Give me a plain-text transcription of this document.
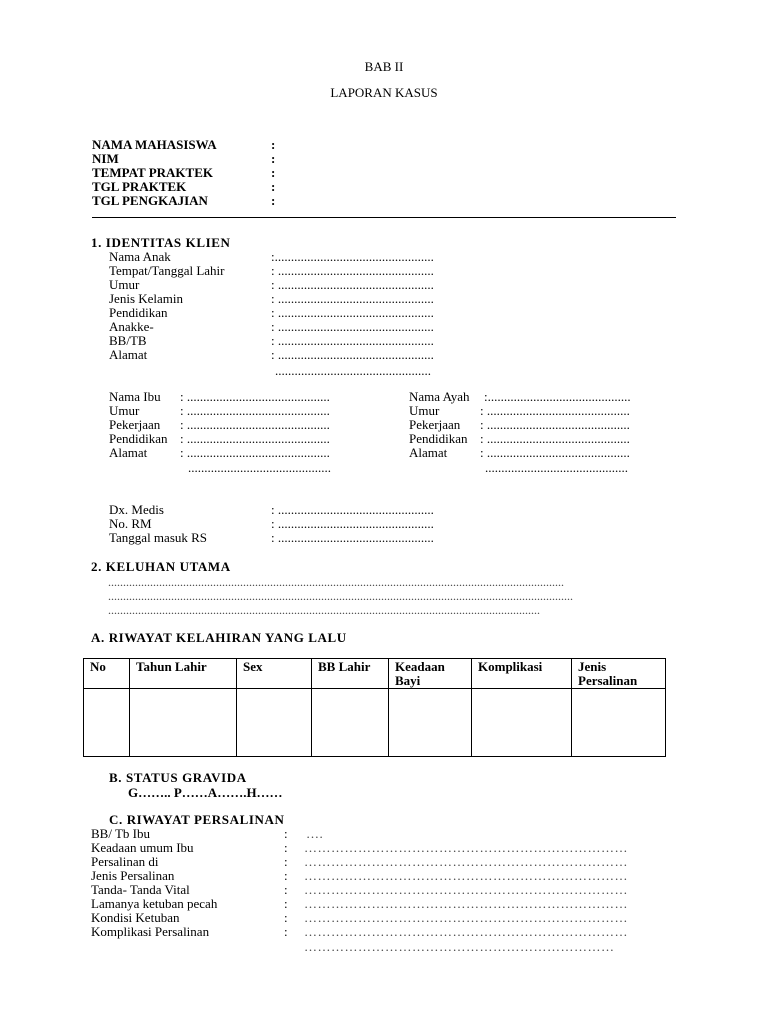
BAB II
LAPORAN KASUS
NAMA MAHASISWA	:
NIM	:
TEMPAT PRAKTEK	:
TGL PRAKTEK	:
TGL PENGKAJIAN	:
1. IDENTITAS KLIEN
Nama Anak	:.................................................
Tempat/Tanggal Lahir	: ................................................
Umur	: ................................................
Jenis Kelamin	: ................................................
Pendidikan	: ................................................
Anakke-	: ................................................
BB/TB	: ................................................
Alamat	: ................................................
................................................
Nama Ibu : ............................................
Umur	: ............................................
Pekerjaan : ............................................
Pendidikan : ............................................
Alamat	: ............................................
............................................
Nama Ayah :............................................
Umur	: ............................................
Pekerjaan : ............................................
Pendidikan : ............................................
Alamat	: ............................................
............................................
Dx. Medis	: ................................................
No. RM	: ................................................
Tanggal masuk RS	: ................................................
2. KELUHAN UTAMA
........................................................................................................................................................
...........................................................................................................................................................
................................................................................................................................................
A. RIWAYAT KELAHIRAN YANG LALU
No	Tahun Lahir	Sex	BB Lahir	Keadaan Bayi	Komplikasi	Jenis Persalinan

B. STATUS GRAVIDA
G…….. P……A…….H……
C. RIWAYAT PERSALINAN
BB/ Tb Ibu	: ….
Keadaan umum Ibu	: ………………………………………………………………
Persalinan di	: ………………………………………………………………
Jenis Persalinan	: ………………………………………………………………
Tanda- Tanda Vital	: ………………………………………………………………
Lamanya ketuban pecah	: ………………………………………………………………
Kondisi Ketuban	: ………………………………………………………………
Komplikasi Persalinan	: ………………………………………………………………
……………………………………………………………
